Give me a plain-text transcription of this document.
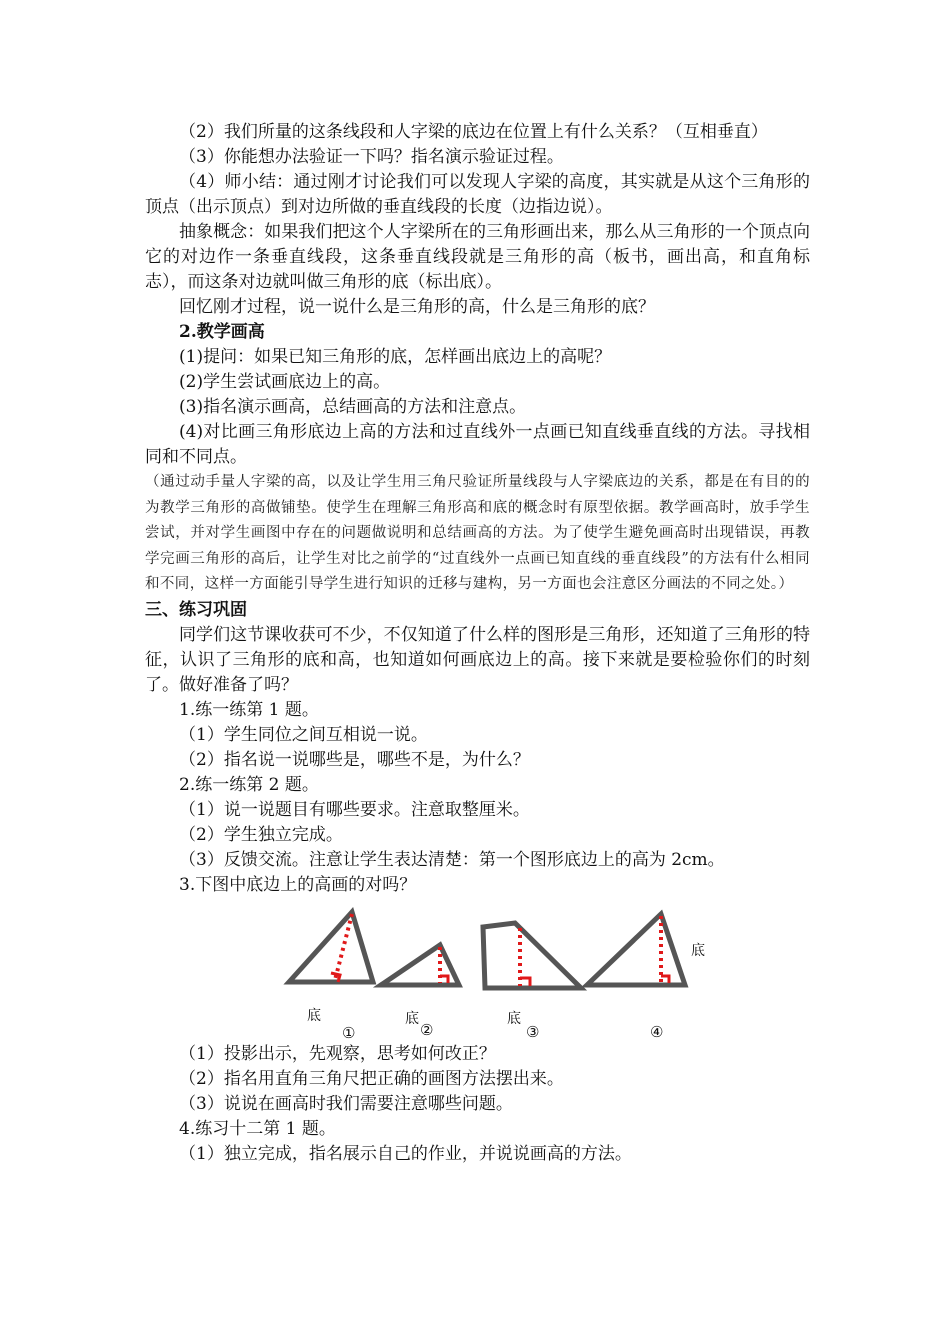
（2）我们所量的这条线段和人字梁的底边在位置上有什么关系？（互相垂直）

（3）你能想办法验证一下吗？指名演示验证过程。

（4）师小结：通过刚才讨论我们可以发现人字梁的高度，其实就是从这个三角形的顶点（出示顶点）到对边所做的垂直线段的长度（边指边说）。

抽象概念：如果我们把这个人字梁所在的三角形画出来，那么从三角形的一个顶点向它的对边作一条垂直线段，这条垂直线段就是三角形的高（板书，画出高，和直角标志），而这条对边就叫做三角形的底（标出底）。

回忆刚才过程，说一说什么是三角形的高，什么是三角形的底？

2.教学画高

(1)提问：如果已知三角形的底，怎样画出底边上的高呢？

(2)学生尝试画底边上的高。

(3)指名演示画高，总结画高的方法和注意点。

(4)对比画三角形底边上高的方法和过直线外一点画已知直线垂直线的方法。寻找相同和不同点。

（通过动手量人字梁的高，以及让学生用三角尺验证所量线段与人字梁底边的关系，都是在有目的的为教学三角形的高做铺垫。使学生在理解三角形高和底的概念时有原型依据。教学画高时，放手学生尝试，并对学生画图中存在的问题做说明和总结画高的方法。为了使学生避免画高时出现错误，再教学完画三角形的高后，让学生对比之前学的“过直线外一点画已知直线的垂直线段”的方法有什么相同和不同，这样一方面能引导学生进行知识的迁移与建构，另一方面也会注意区分画法的不同之处。）

三、练习巩固

同学们这节课收获可不少，不仅知道了什么样的图形是三角形，还知道了三角形的特征，认识了三角形的底和高，也知道如何画底边上的高。接下来就是要检验你们的时刻了。做好准备了吗？

1.练一练第 1 题。

（1）学生同位之间互相说一说。

（2）指名说一说哪些是，哪些不是，为什么？

2.练一练第 2 题。

（1）说一说题目有哪些要求。注意取整厘米。

（2）学生独立完成。

（3）反馈交流。注意让学生表达清楚：第一个图形底边上的高为 2cm。

3.下图中底边上的高画的对吗？

底	底	底
底
①	②	③	④

（1）投影出示，先观察，思考如何改正？

（2）指名用直角三角尺把正确的画图方法摆出来。

（3）说说在画高时我们需要注意哪些问题。

4.练习十二第 1 题。

（1）独立完成，指名展示自己的作业，并说说画高的方法。
